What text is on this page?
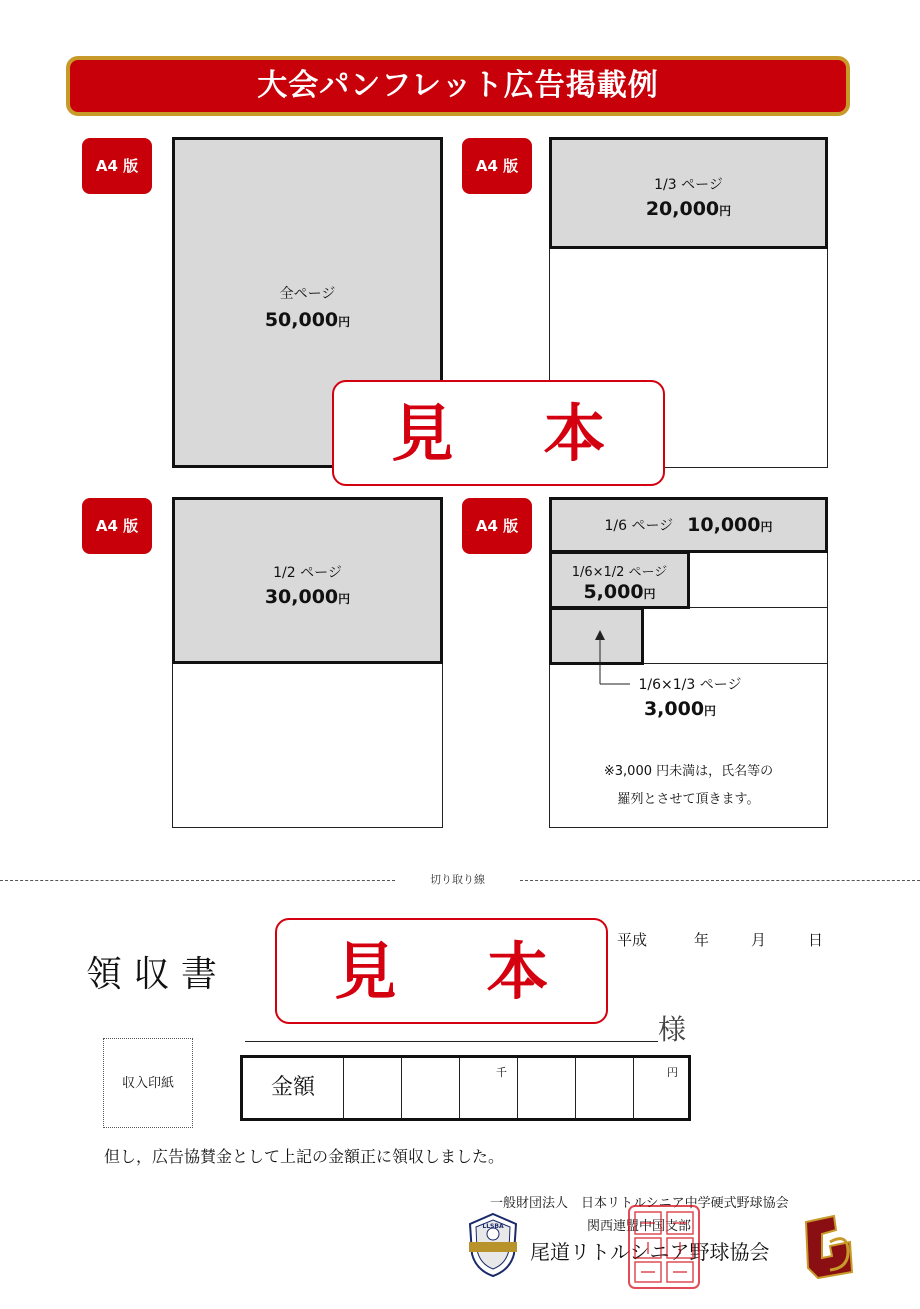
大会パンフレット広告掲載例
A4 版	A4 版
A4 版	A4 版
全ページ
50,000円
1/3 ページ
20,000円
見 本
1/2 ページ
30,000円
1/6 ページ 10,000円
1/6×1/2 ページ
5,000円
1/6×1/3 ページ
3,000円
※3,000 円未満は，氏名等の
羅列とさせて頂きます。
切り取り線
領 収 書	見 本	平成	年	月	日
様
収入印紙	金額
千	円
但し，広告協賛金として上記の金額正に領収しました。
一般財団法人　日本リトルシニア中学硬式野球協会
関西連盟中国支部
尾道リトルシニア野球協会
LLSBA
